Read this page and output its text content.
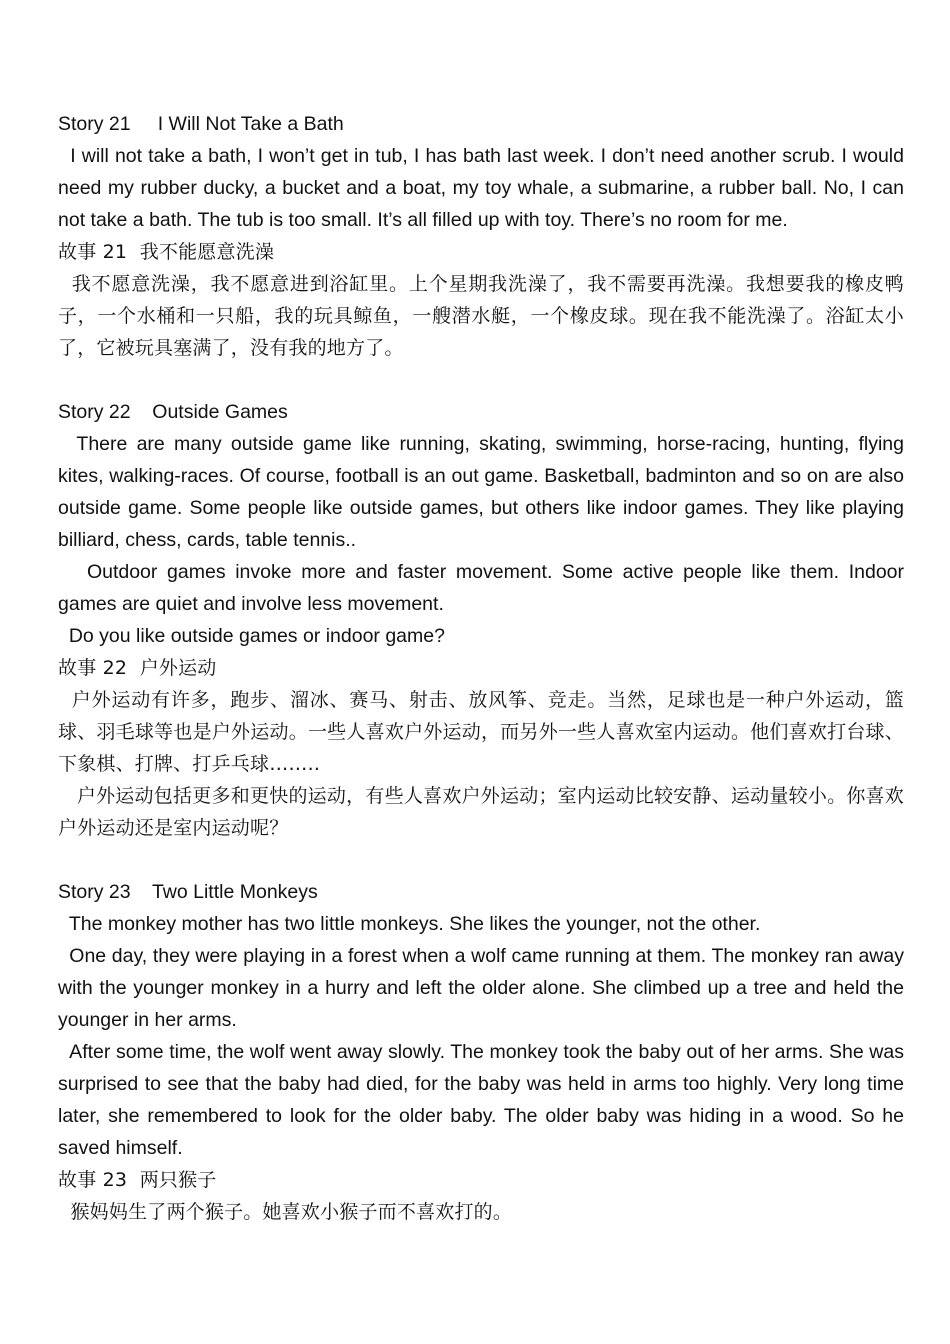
Story 21     I Will Not Take a Bath

I will not take a bath, I won’t get in tub, I has bath last week. I don’t need another scrub. I would need my rubber ducky, a bucket and a boat, my toy whale, a submarine, a rubber ball. No, I can not take a bath. The tub is too small. It’s all filled up with toy. There’s no room for me.

故事 21  我不能愿意洗澡

我不愿意洗澡，我不愿意进到浴缸里。上个星期我洗澡了，我不需要再洗澡。我想要我的橡皮鸭子，一个水桶和一只船，我的玩具鲸鱼，一艘潜水艇，一个橡皮球。现在我不能洗澡了。浴缸太小了，它被玩具塞满了，没有我的地方了。

Story 22    Outside Games

There are many outside game like running, skating, swimming, horse-racing, hunting, flying kites, walking-races. Of course, football is an out game. Basketball, badminton and so on are also outside game. Some people like outside games, but others like indoor games. They like playing billiard, chess, cards, table tennis..

Outdoor games invoke more and faster movement. Some active people like them. Indoor games are quiet and involve less movement.

Do you like outside games or indoor game?

故事 22  户外运动

户外运动有许多，跑步、溜冰、赛马、射击、放风筝、竞走。当然，足球也是一种户外运动，篮球、羽毛球等也是户外运动。一些人喜欢户外运动，而另外一些人喜欢室内运动。他们喜欢打台球、下象棋、打牌、打乒乓球……..

户外运动包括更多和更快的运动，有些人喜欢户外运动；室内运动比较安静、运动量较小。你喜欢户外运动还是室内运动呢？

Story 23    Two Little Monkeys

The monkey mother has two little monkeys. She likes the younger, not the other.

One day, they were playing in a forest when a wolf came running at them. The monkey ran away with the younger monkey in a hurry and left the older alone. She climbed up a tree and held the younger in her arms.

After some time, the wolf went away slowly. The monkey took the baby out of her arms. She was surprised to see that the baby had died, for the baby was held in arms too highly. Very long time later, she remembered to look for the older baby. The older baby was hiding in a wood. So he saved himself.

故事 23  两只猴子

猴妈妈生了两个猴子。她喜欢小猴子而不喜欢打的。
